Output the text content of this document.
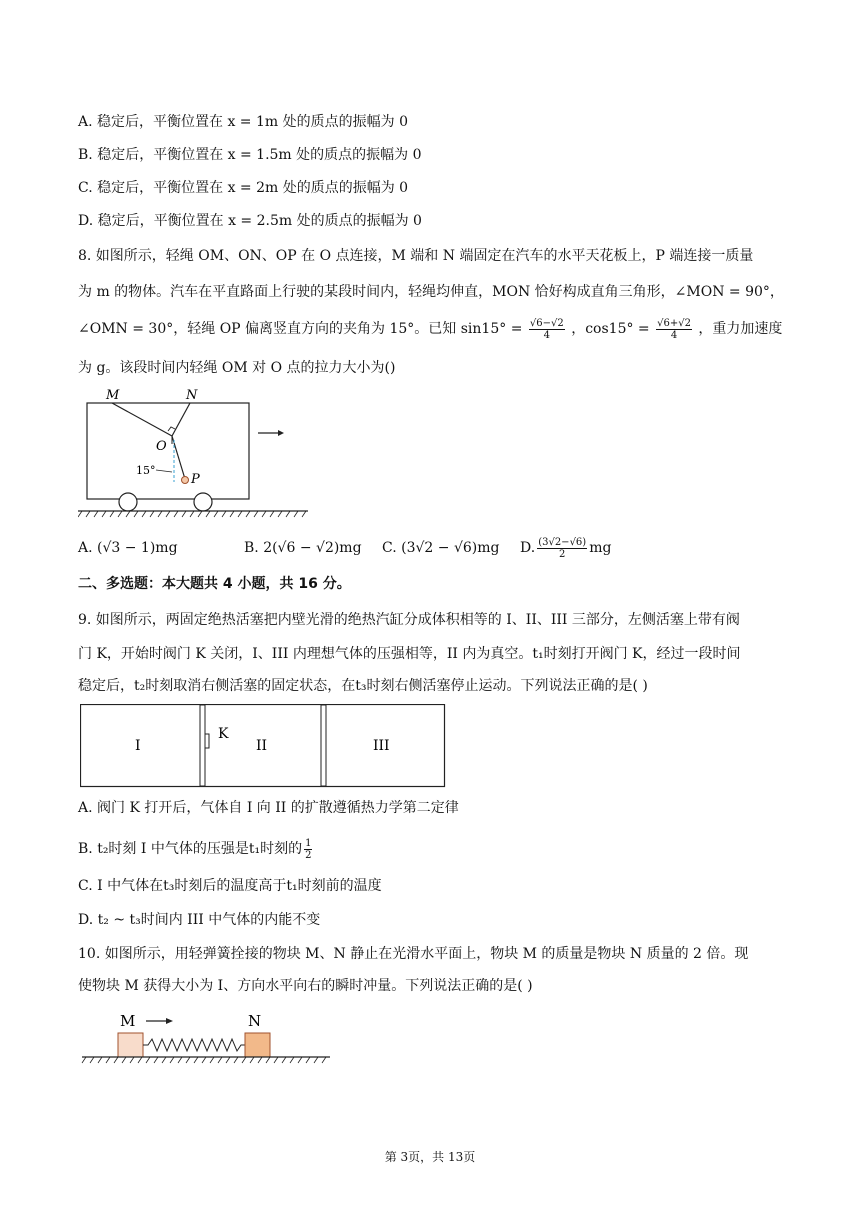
A. 稳定后，平衡位置在 x = 1m 处的质点的振幅为 0
B. 稳定后，平衡位置在 x = 1.5m 处的质点的振幅为 0
C. 稳定后，平衡位置在 x = 2m 处的质点的振幅为 0
D. 稳定后，平衡位置在 x = 2.5m 处的质点的振幅为 0
8. 如图所示，轻绳 OM、ON、OP 在 O 点连接，M 端和 N 端固定在汽车的水平天花板上，P 端连接一质量
为 m 的物体。汽车在平直路面上行驶的某段时间内，轻绳均伸直，MON 恰好构成直角三角形，∠MON = 90°，
∠OMN = 30°，轻绳 OP 偏离竖直方向的夹角为 15°。已知 $\sin 15^\circ = \frac{√6-√2}{4}$ ，$\cos 15^\circ = \frac{√6+√2}{4}$ ，重力加速度
为 g。该段时间内轻绳 OM 对 O 点的拉力大小为()
M	N
O
P
15°
A. (√3 − 1)mg	B. 2(√6 − √2)mg C. (3√2 − √6)mg D. $\frac{(3√2-√6)}{2}$ mg
二、多选题：本大题共 4 小题，共 16 分。
9. 如图所示，两固定绝热活塞把内壁光滑的绝热汽缸分成体积相等的 I、II、III 三部分，左侧活塞上带有阀
门 K，开始时阀门 K 关闭，I、III 内理想气体的压强相等，II 内为真空。t₁时刻打开阀门 K，经过一段时间
稳定后，t₂时刻取消右侧活塞的固定状态，在t₃时刻右侧活塞停止运动。下列说法正确的是( )
I
K
II	III
A. 阀门 K 打开后，气体自 I 向 II 的扩散遵循热力学第二定律
B. t₂时刻 I 中气体的压强是t₁时刻的 $\frac{1}{2}$
C. I 中气体在t₃时刻后的温度高于t₁时刻前的温度
D. t₂ ~ t₃时间内 III 中气体的内能不变
10. 如图所示，用轻弹簧拴接的物块 M、N 静止在光滑水平面上，物块 M 的质量是物块 N 质量的 2 倍。现
使物块 M 获得大小为 I、方向水平向右的瞬时冲量。下列说法正确的是( )
M	N
第 3页，共 13页
